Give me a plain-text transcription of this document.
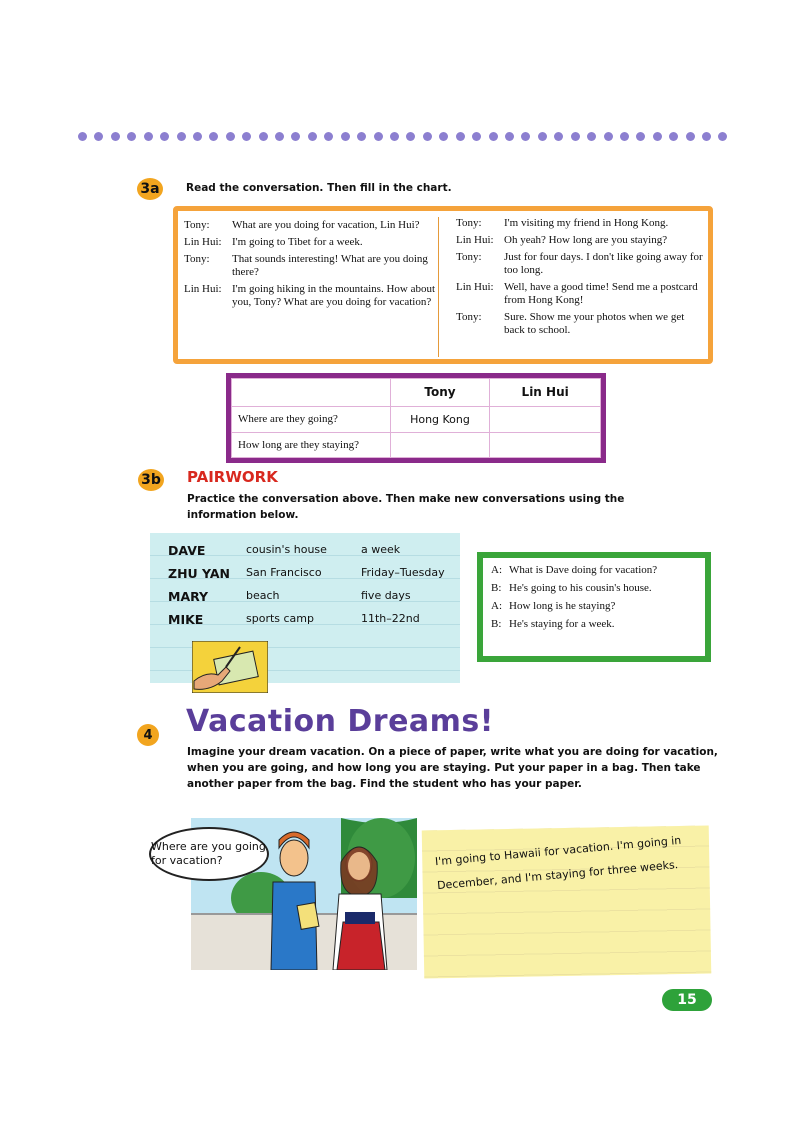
3a	Read the conversation. Then fill in the chart.
Tony:	What are you doing for vacation, Lin Hui?
Lin Hui: I'm going to Tibet for a week.
Tony:	That sounds interesting! What are you doing there?
Lin Hui: I'm going hiking in the mountains. How about you, Tony? What are you doing for vacation?
Tony:	I'm visiting my friend in Hong Kong.
Lin Hui: Oh yeah? How long are you staying?
Tony:	Just for four days. I don't like going away for too long.
Lin Hui: Well, have a good time! Send me a postcard from Hong Kong!
Tony:	Sure. Show me your photos when we get back to school.
	Tony	Lin Hui
Where are they going?	Hong Kong	
How long are they staying?		
3b PAIRWORK
Practice the conversation above. Then make new conversations using the information below.
DAVE	cousin's house	a week
ZHU YAN	San Francisco	Friday–Tuesday
MARY	beach	five days
MIKE	sports camp	11th–22nd
A: What is Dave doing for vacation?
B: He's going to his cousin's house.
A: How long is he staying?
B: He's staying for a week.
4 Vacation Dreams!
Imagine your dream vacation. On a piece of paper, write what you are doing for vacation, when you are going, and how long you are staying. Put your paper in a bag. Then take another paper from the bag. Find the student who has your paper.
Where are you going for vacation?	I'm going to Hawaii for vacation. I'm going in December, and I'm staying for three weeks.
15
